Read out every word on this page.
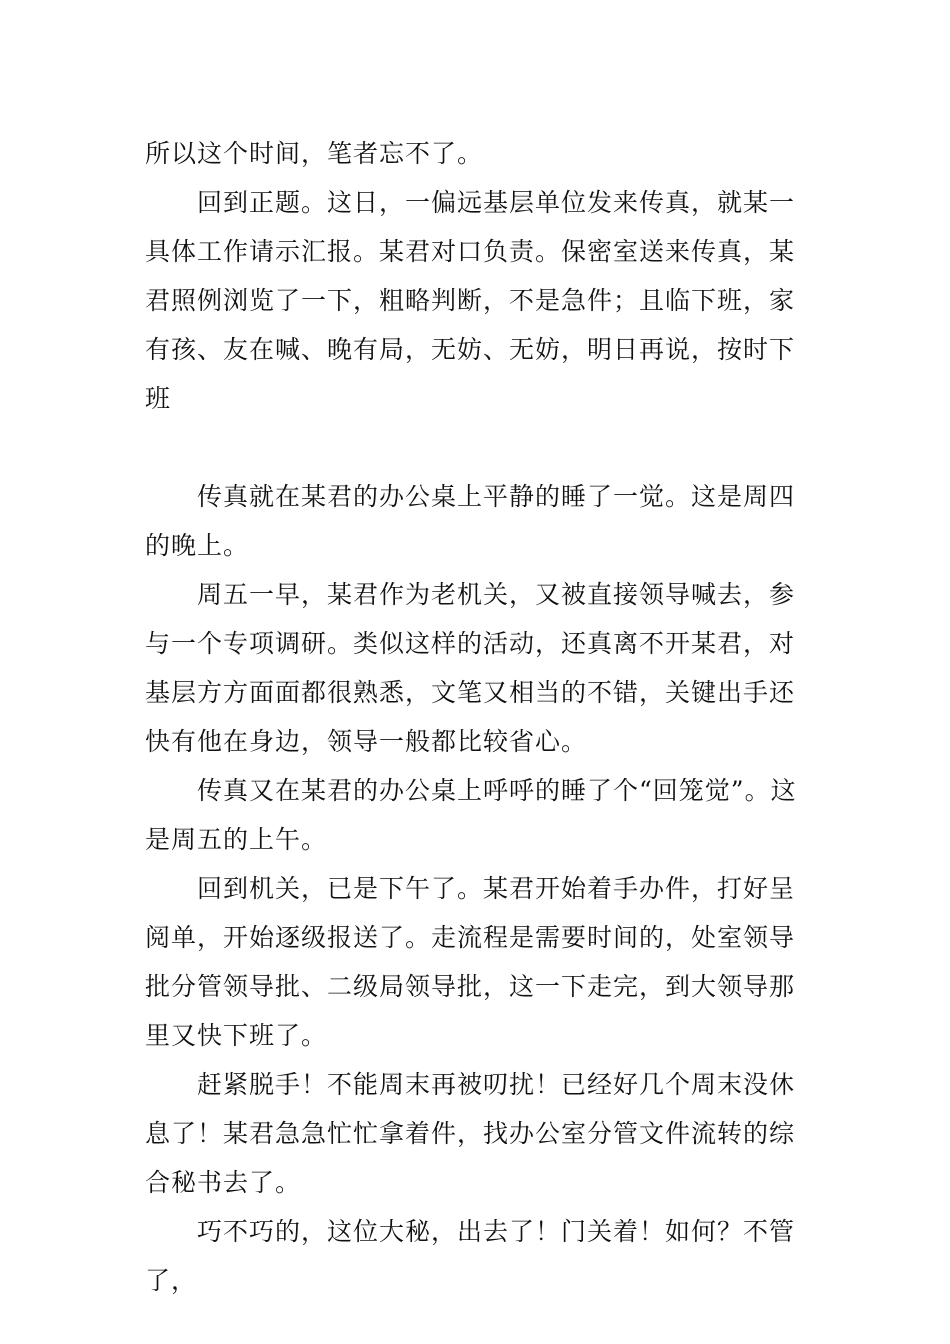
所以这个时间，笔者忘不了。

　　回到正题。这日，一偏远基层单位发来传真，就某一具体工作请示汇报。某君对口负责。保密室送来传真，某君照例浏览了一下，粗略判断，不是急件；且临下班，家有孩、友在喊、晚有局，无妨、无妨，明日再说，按时下班

　　传真就在某君的办公桌上平静的睡了一觉。这是周四的晚上。

　　周五一早，某君作为老机关，又被直接领导喊去，参与一个专项调研。类似这样的活动，还真离不开某君，对基层方方面面都很熟悉，文笔又相当的不错，关键出手还快有他在身边，领导一般都比较省心。

　　传真又在某君的办公桌上呼呼的睡了个“回笼觉”。这是周五的上午。

　　回到机关，已是下午了。某君开始着手办件，打好呈阅单，开始逐级报送了。走流程是需要时间的，处室领导批分管领导批、二级局领导批，这一下走完，到大领导那里又快下班了。

　　赶紧脱手！不能周末再被叨扰！已经好几个周末没休息了！某君急急忙忙拿着件，找办公室分管文件流转的综合秘书去了。

　　巧不巧的，这位大秘，出去了！门关着！如何？不管了，
